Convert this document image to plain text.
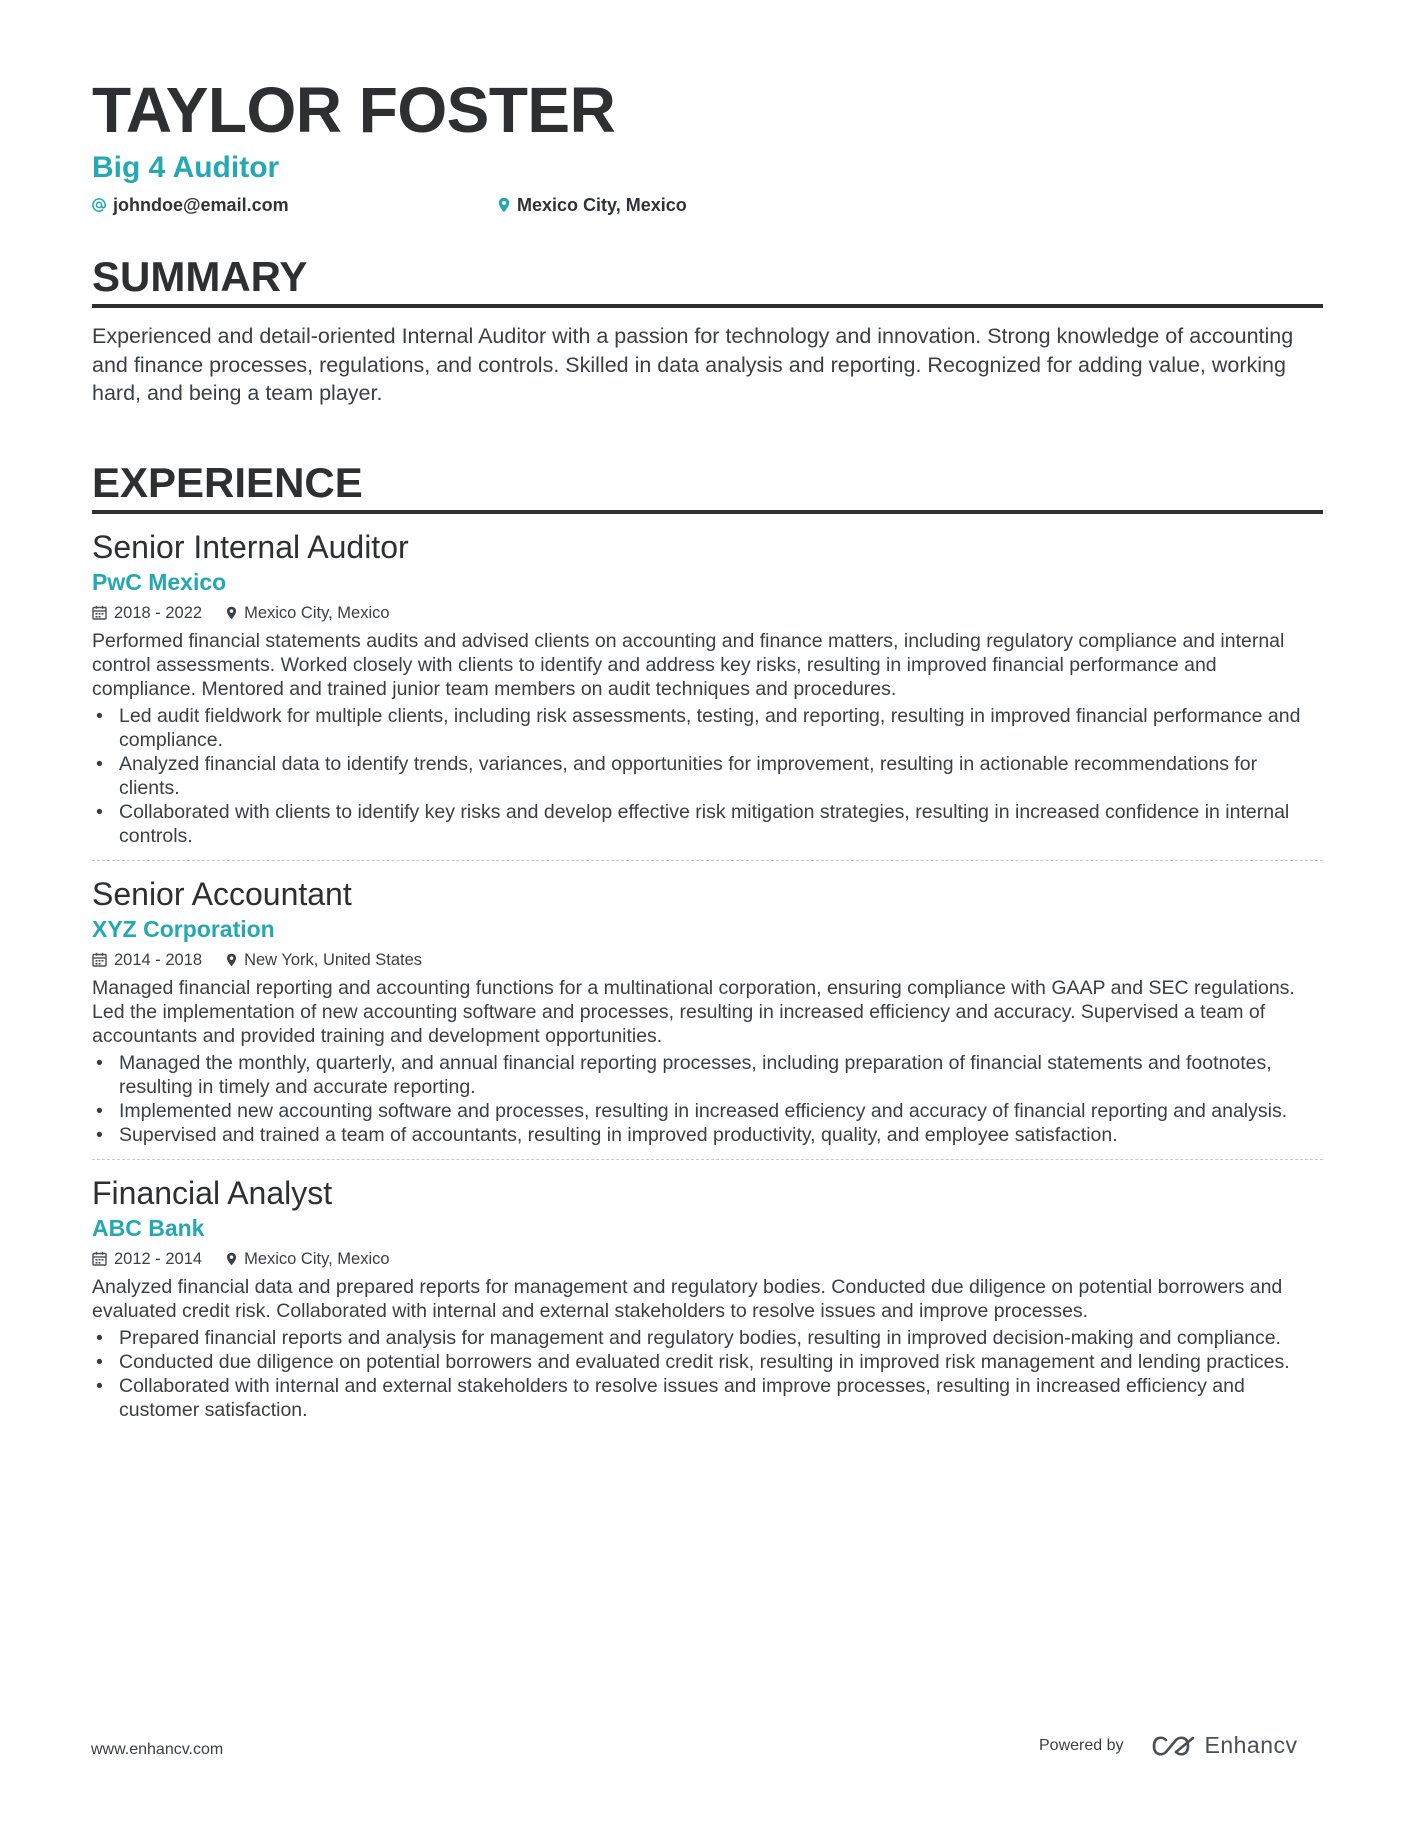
TAYLOR FOSTER
Big 4 Auditor
johndoe@email.com	Mexico City, Mexico
SUMMARY
Experienced and detail-oriented Internal Auditor with a passion for technology and innovation. Strong knowledge of accounting and finance processes, regulations, and controls. Skilled in data analysis and reporting. Recognized for adding value, working hard, and being a team player.
EXPERIENCE
Senior Internal Auditor
PwC Mexico
2018 - 2022	Mexico City, Mexico
Performed financial statements audits and advised clients on accounting and finance matters, including regulatory compliance and internal control assessments. Worked closely with clients to identify and address key risks, resulting in improved financial performance and compliance. Mentored and trained junior team members on audit techniques and procedures.
• Led audit fieldwork for multiple clients, including risk assessments, testing, and reporting, resulting in improved financial performance and compliance.
• Analyzed financial data to identify trends, variances, and opportunities for improvement, resulting in actionable recommendations for clients.
• Collaborated with clients to identify key risks and develop effective risk mitigation strategies, resulting in increased confidence in internal controls.
Senior Accountant
XYZ Corporation
2014 - 2018	New York, United States
Managed financial reporting and accounting functions for a multinational corporation, ensuring compliance with GAAP and SEC regulations. Led the implementation of new accounting software and processes, resulting in increased efficiency and accuracy. Supervised a team of accountants and provided training and development opportunities.
• Managed the monthly, quarterly, and annual financial reporting processes, including preparation of financial statements and footnotes, resulting in timely and accurate reporting.
• Implemented new accounting software and processes, resulting in increased efficiency and accuracy of financial reporting and analysis.
• Supervised and trained a team of accountants, resulting in improved productivity, quality, and employee satisfaction.
Financial Analyst
ABC Bank
2012 - 2014	Mexico City, Mexico
Analyzed financial data and prepared reports for management and regulatory bodies. Conducted due diligence on potential borrowers and evaluated credit risk. Collaborated with internal and external stakeholders to resolve issues and improve processes.
• Prepared financial reports and analysis for management and regulatory bodies, resulting in improved decision-making and compliance.
• Conducted due diligence on potential borrowers and evaluated credit risk, resulting in improved risk management and lending practices.
• Collaborated with internal and external stakeholders to resolve issues and improve processes, resulting in increased efficiency and customer satisfaction.
www.enhancv.com	Powered by	Enhancv
